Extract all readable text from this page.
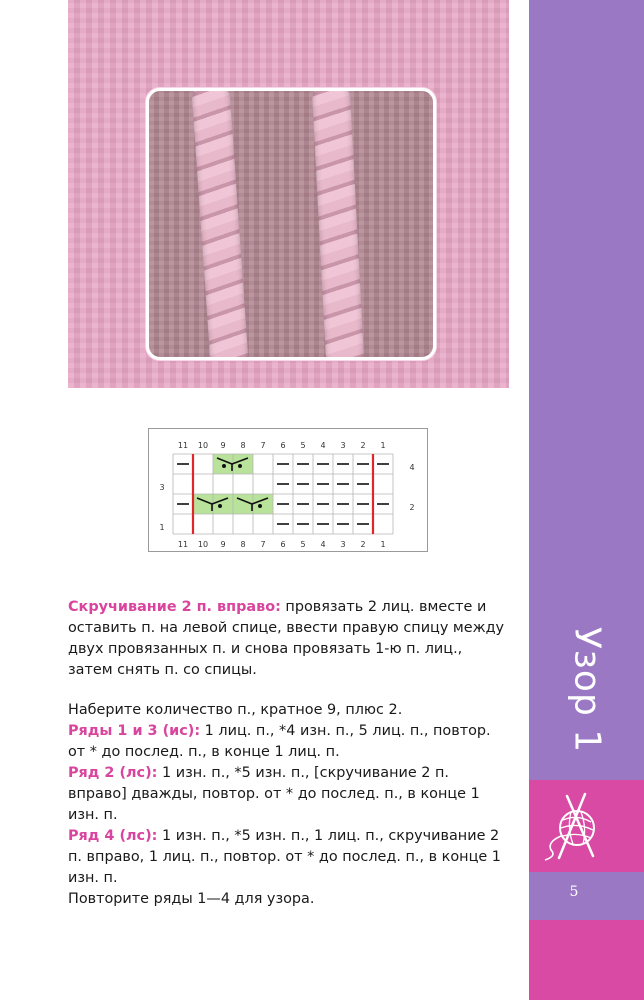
Узор 1
5
11 10 9 8 7 6 5 4 3 2 1
11 10 9 8 7 6 5 4 3 2 1
3
1
4
2

Скручивание 2 п. вправо: провязать 2 лиц. вместе и оставить п. на левой спице, ввести правую спицу между двух провязанных п. и снова провязать 1-ю п. лиц., затем снять п. со спицы.

Наберите количество п., кратное 9, плюс 2.

Ряды 1 и 3 (ис): 1 лиц. п., *4 изн. п., 5 лиц. п., повтор. от * до послед. п., в конце 1 лиц. п.

Ряд 2 (лс): 1 изн. п., *5 изн. п., [скручивание 2 п. вправо] дважды, повтор. от * до послед. п., в конце 1 изн. п.

Ряд 4 (лс): 1 изн. п., *5 изн. п., 1 лиц. п., скручивание 2 п. вправо, 1 лиц. п., повтор. от * до послед. п., в конце 1 изн. п.

Повторите ряды 1—4 для узора.
